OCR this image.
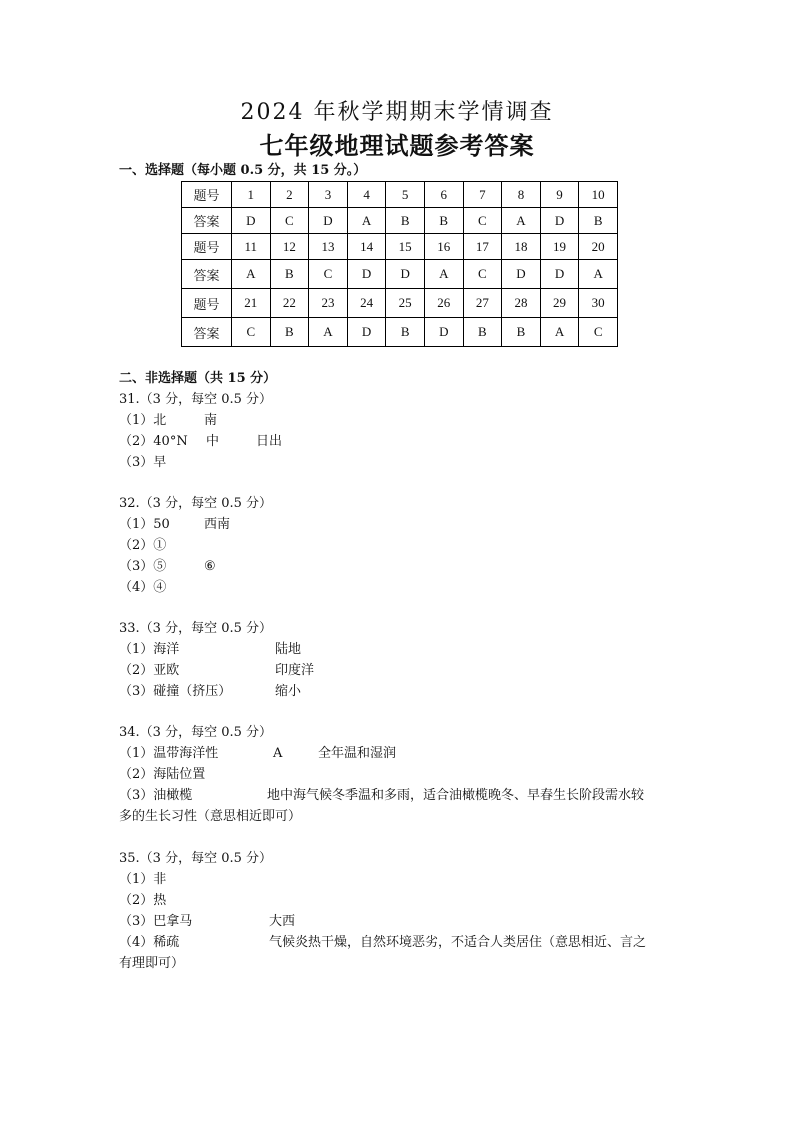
2024 年秋学期期末学情调查
七年级地理试题参考答案
一、选择题（每小题 0.5 分，共 15 分。）
题号	1	2	3	4	5	6	7	8	9	10
答案	D	C	D	A	B	B	C	A	D	B
题号	11	12	13	14	15	16	17	18	19	20
答案	A	B	C	D	D	A	C	D	D	A
题号	21	22	23	24	25	26	27	28	29	30
答案	C	B	A	D	B	D	B	B	A	C
二、非选择题（共 15 分）
31.（3 分，每空 0.5 分）
（1）北	南
（2）40°N 中	日出
（3）早
32.（3 分，每空 0.5 分）
（1）50	西南
（2）①
（3）⑤	⑥
（4）④
33.（3 分，每空 0.5 分）
（1）海洋	陆地
（2）亚欧	印度洋
（3）碰撞（挤压）	缩小
34.（3 分，每空 0.5 分）
（1）温带海洋性	A	全年温和湿润
（2）海陆位置
（3）油橄榄	地中海气候冬季温和多雨，适合油橄榄晚冬、早春生长阶段需水较
多的生长习性（意思相近即可）
35.（3 分，每空 0.5 分）
（1）非
（2）热
（3）巴拿马	大西
（4）稀疏	气候炎热干燥，自然环境恶劣，不适合人类居住（意思相近、言之
有理即可）
